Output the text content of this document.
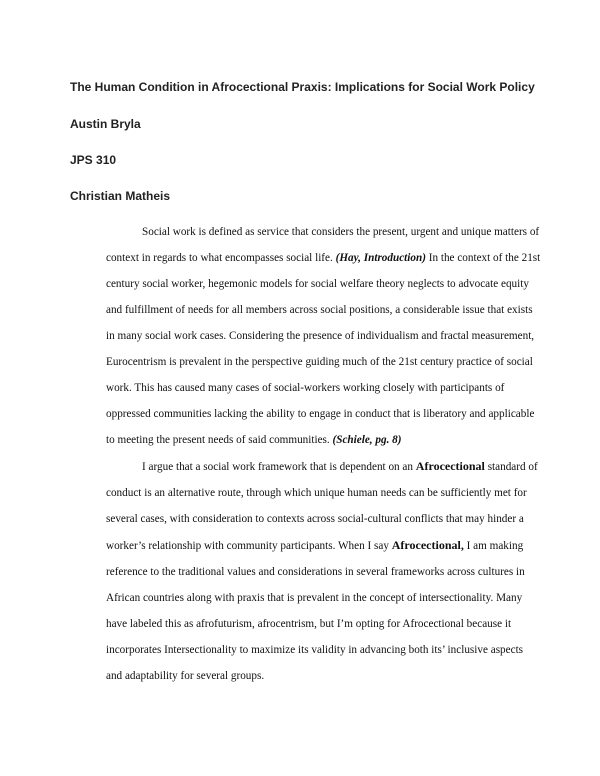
The Human Condition in Afrocectional Praxis: Implications for Social Work Policy
Austin Bryla
JPS 310
Christian Matheis

Social work is defined as service that considers the present, urgent and unique matters of
context in regards to what encompasses social life. (Hay, Introduction) In the context of the 21st
century social worker, hegemonic models for social welfare theory neglects to advocate equity
and fulfillment of needs for all members across social positions, a considerable issue that exists
in many social work cases. Considering the presence of individualism and fractal measurement,
Eurocentrism is prevalent in the perspective guiding much of the 21st century practice of social
work. This has caused many cases of social-workers working closely with participants of
oppressed communities lacking the ability to engage in conduct that is liberatory and applicable
to meeting the present needs of said communities. (Schiele, pg. 8)

I argue that a social work framework that is dependent on an Afrocectional standard of
conduct is an alternative route, through which unique human needs can be sufficiently met for
several cases, with consideration to contexts across social-cultural conflicts that may hinder a
worker’s relationship with community participants. When I say Afrocectional, I am making
reference to the traditional values and considerations in several frameworks across cultures in
African countries along with praxis that is prevalent in the concept of intersectionality. Many
have labeled this as afrofuturism, afrocentrism, but I’m opting for Afrocectional because it
incorporates Intersectionality to maximize its validity in advancing both its’ inclusive aspects
and adaptability for several groups.
